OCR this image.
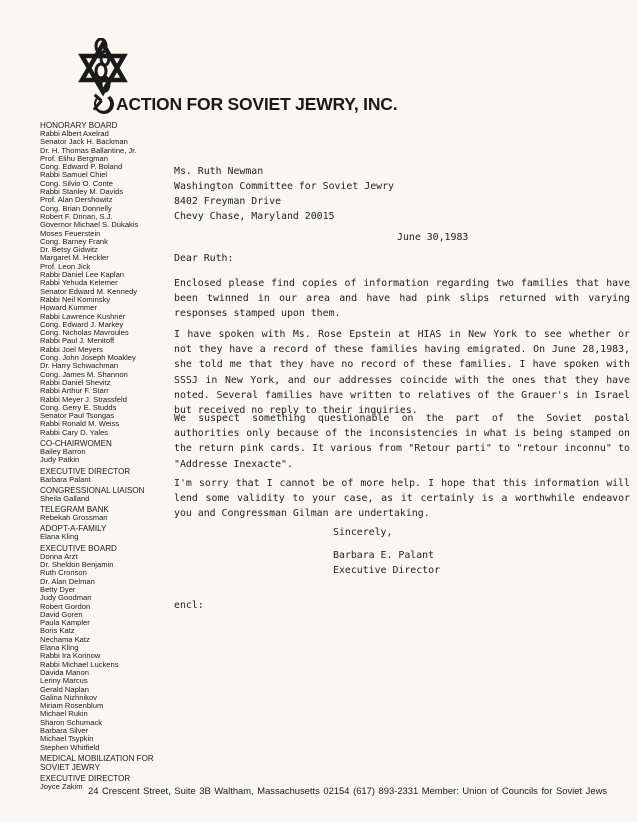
ACTION FOR SOVIET JEWRY, INC.
HONORARY BOARD
Rabbi Albert Axelrad
Senator Jack H. Backman
Dr. H. Thomas Ballantine, Jr.
Prof. Elihu Bergman
Cong. Edward P. Boland
Rabbi Samuel Chiel
Cong. Silvio O. Conte
Rabbi Stanley M. Davids
Prof. Alan Dershowitz
Cong. Brian Donnelly
Robert F. Drinan, S.J.
Governor Michael S. Dukakis
Moses Feuerstein
Cong. Barney Frank
Dr. Betsy Gidwitz
Margaret M. Heckler
Prof. Leon Jick
Rabbi Daniel Lee Kaplan
Rabbi Yehuda Kelemer
Senator Edward M. Kennedy
Rabbi Neil Kominsky
Howard Kummer
Rabbi Lawrence Kushner
Cong. Edward J. Markey
Cong. Nicholas Mavroules
Rabbi Paul J. Menitoff
Rabbi Joel Meyers
Cong. John Joseph Moakley
Dr. Harry Schwachman
Cong. James M. Shannon
Rabbi Daniel Shevitz
Rabbi Arthur F. Starr
Rabbi Meyer J. Strassfeld
Cong. Gerry E. Studds
Senator Paul Tsongas
Rabbi Ronald M. Weiss
Rabbi Cary D. Yales
CO-CHAIRWOMEN
Bailey Barron
Judy Patkin
EXECUTIVE DIRECTOR
Barbara Palant
CONGRESSIONAL LIAISON
Sheila Galland
TELEGRAM BANK
Rebekah Grossman
ADOPT-A-FAMILY
Elana Kling
EXECUTIVE BOARD
Donna Arzt
Dr. Sheldon Benjamin
Ruth Cronson
Dr. Alan Delman
Betty Dyer
Judy Goodman
Robert Gordon
David Goren
Paula Kampler
Boris Katz
Nechama Katz
Elana Kling
Rabbi Ira Korinow
Rabbi Michael Luckens
Davida Manon
Lenny Marcus
Gerald Naplan
Galina Nizhnikov
Miriam Rosenblum
Michael Rukin
Sharon Schumack
Barbara Silver
Michael Tsypkin
Stephen Whitfield
MEDICAL MOBILIZATION FOR SOVIET JEWRY
EXECUTIVE DIRECTOR
Joyce Zakim
Ms. Ruth Newman
Washington Committee for Soviet Jewry
8402 Freyman Drive
Chevy Chase, Maryland 20015
June 30,1983
Dear Ruth:
Enclosed please find copies of information regarding two families that have been twinned in our area and have had pink slips returned with varying responses stamped upon them.
I have spoken with Ms. Rose Epstein at HIAS in New York to see whether or not they have a record of these families having emigrated. On June 28,1983, she told me that they have no record of these families. I have spoken with SSSJ in New York, and our addresses coincide with the ones that they have noted. Several families have written to relatives of the Grauer's in Israel but received no reply to their inquiries.
We suspect something questionable on the part of the Soviet postal authorities only because of the inconsistencies in what is being stamped on the return pink cards. It various from "Retour parti" to "retour inconnu" to "Addresse Inexacte".
I'm sorry that I cannot be of more help. I hope that this information will lend some validity to your case, as it certainly is a worthwhile endeavor you and Congressman Gilman are undertaking.
Sincerely,
Barbara E. Palant
Executive Director
encl:
24 Crescent Street, Suite 3B Waltham, Massachusetts 02154 (617) 893-2331 Member: Union of Councils for Soviet Jews
